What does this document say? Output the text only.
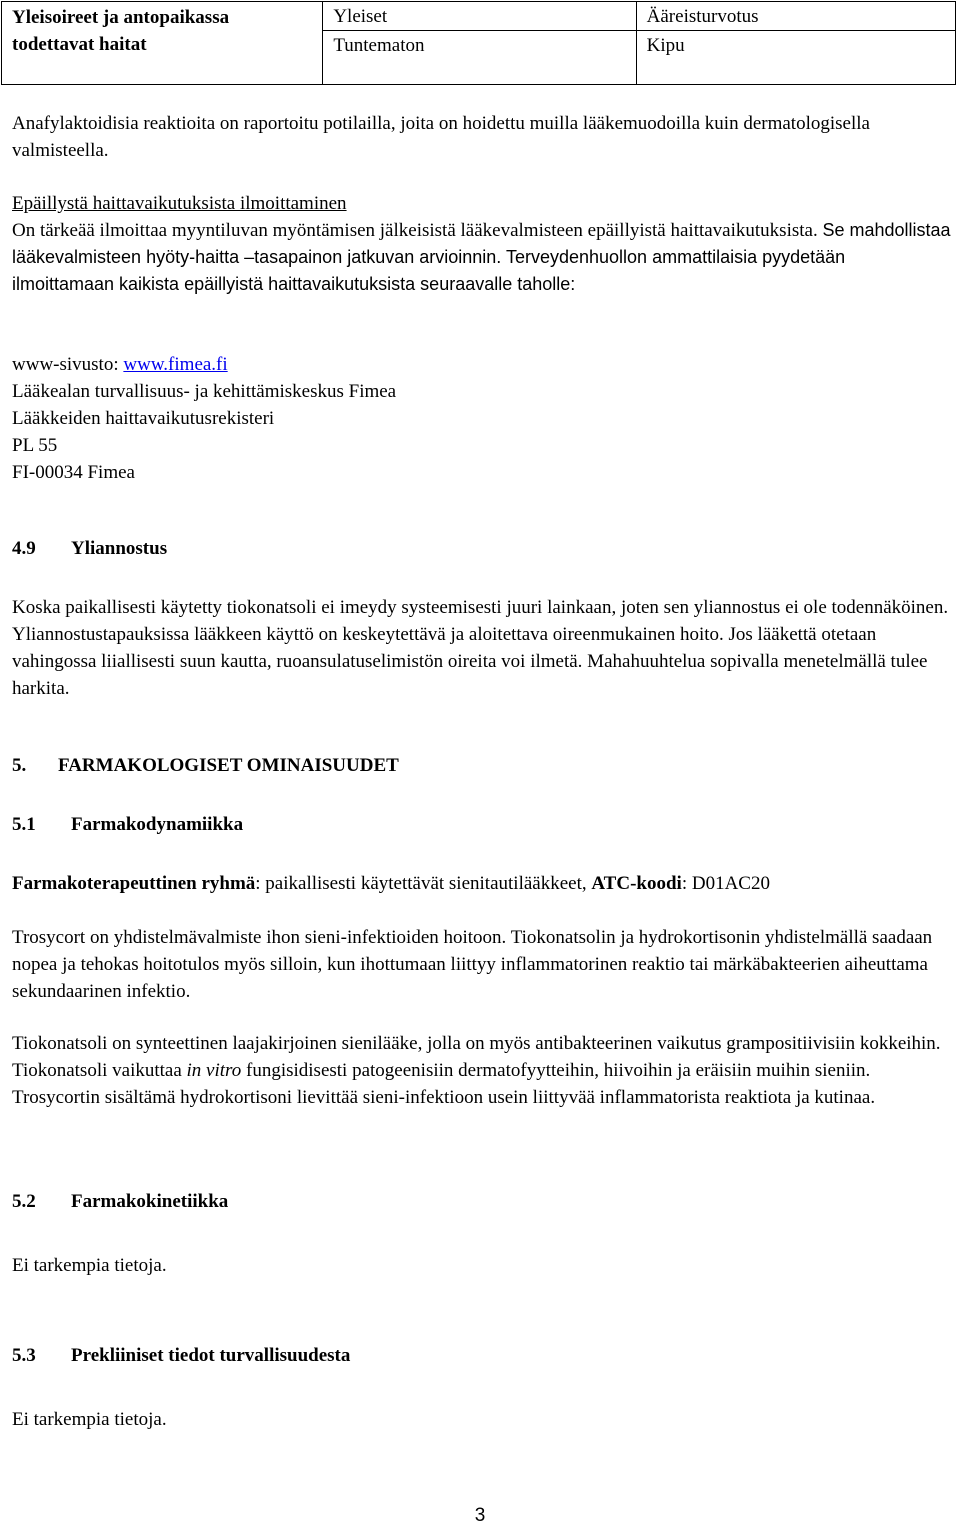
Yleisoireet ja antopaikassa todettavat haitat	Yleiset	Ääreisturvotus
	Tuntematon	Kipu

Anafylaktoidisia reaktioita on raportoitu potilailla, joita on hoidettu muilla lääkemuodoilla kuin dermatologisella valmisteella.

Epäillystä haittavaikutuksista ilmoittaminen

On tärkeää ilmoittaa myyntiluvan myöntämisen jälkeisistä lääkevalmisteen epäillyistä haittavaikutuksista. Se mahdollistaa lääkevalmisteen hyöty-haitta –tasapainon jatkuvan arvioinnin. Terveydenhuollon ammattilaisia pyydetään ilmoittamaan kaikista epäillyistä haittavaikutuksista seuraavalle taholle:

www-sivusto: www.fimea.fi

Lääkealan turvallisuus- ja kehittämiskeskus Fimea

Lääkkeiden haittavaikutusrekisteri

PL 55

FI-00034 Fimea

4.9 Yliannostus

Koska paikallisesti käytetty tiokonatsoli ei imeydy systeemisesti juuri lainkaan, joten sen yliannostus ei ole todennäköinen. Yliannostustapauksissa lääkkeen käyttö on keskeytettävä ja aloitettava oireenmukainen hoito. Jos lääkettä otetaan vahingossa liiallisesti suun kautta, ruoansulatuselimistön oireita voi ilmetä. Mahahuuhtelua sopivalla menetelmällä tulee harkita.

5. FARMAKOLOGISET OMINAISUUDET
5.1 Farmakodynamiikka

Farmakoterapeuttinen ryhmä: paikallisesti käytettävät sienitautilääkkeet, ATC-koodi: D01AC20

Trosycort on yhdistelmävalmiste ihon sieni-infektioiden hoitoon. Tiokonatsolin ja hydrokortisonin yhdistelmällä saadaan nopea ja tehokas hoitotulos myös silloin, kun ihottumaan liittyy inflammatorinen reaktio tai märkäbakteerien aiheuttama sekundaarinen infektio.

Tiokonatsoli on synteettinen laajakirjoinen sienilääke, jolla on myös antibakteerinen vaikutus grampositiivisiin kokkeihin. Tiokonatsoli vaikuttaa in vitro fungisidisesti patogeenisiin dermatofyytteihin, hiivoihin ja eräisiin muihin sieniin. Trosycortin sisältämä hydrokortisoni lievittää sieni-infektioon usein liittyvää inflammatorista reaktiota ja kutinaa.

5.2 Farmakokinetiikka

Ei tarkempia tietoja.

5.3 Prekliiniset tiedot turvallisuudesta

Ei tarkempia tietoja.

3
